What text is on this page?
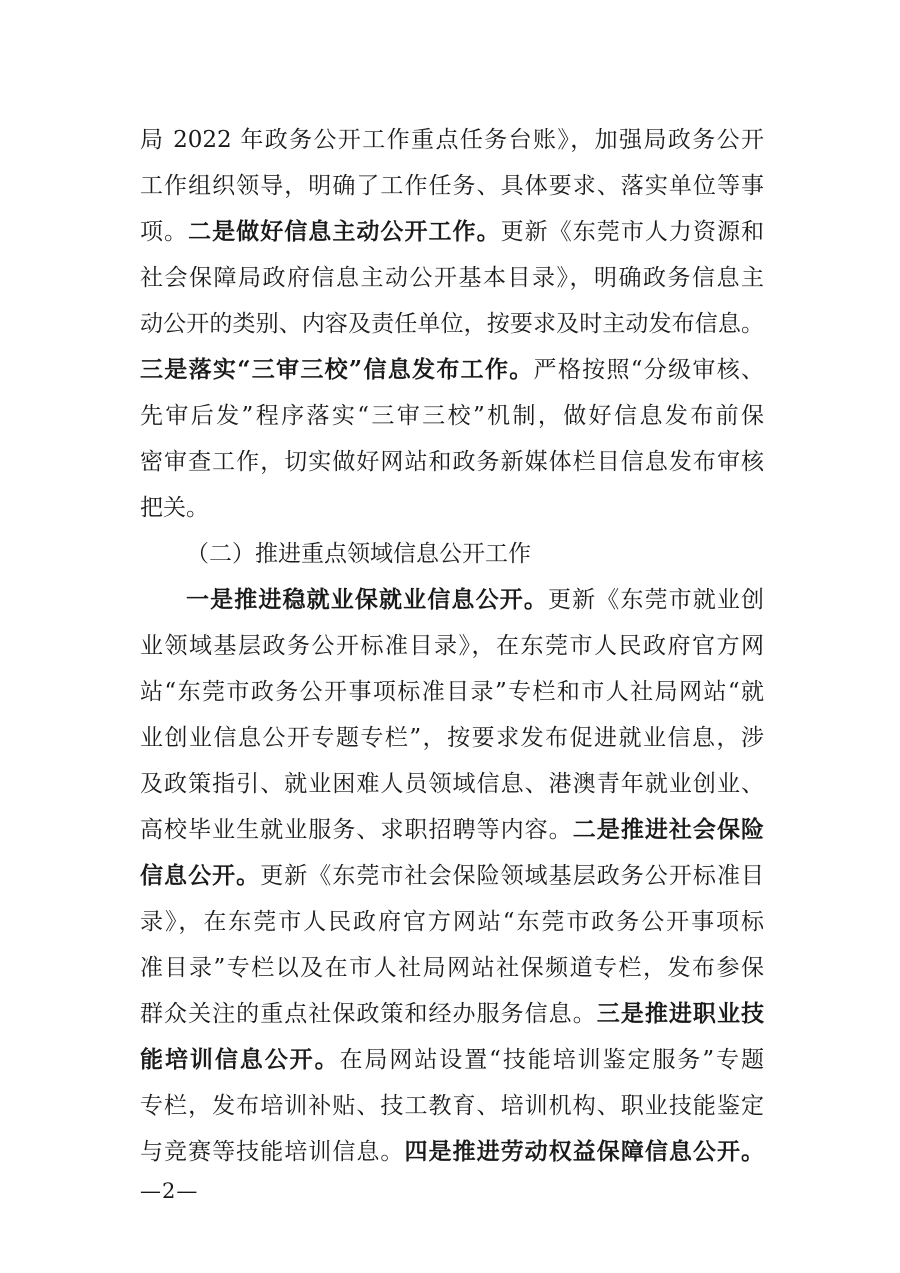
局 2022 年政务公开工作重点任务台账》，加强局政务公开
工作组织领导，明确了工作任务、具体要求、落实单位等事
项。二是做好信息主动公开工作。更新《东莞市人力资源和
社会保障局政府信息主动公开基本目录》，明确政务信息主
动公开的类别、内容及责任单位，按要求及时主动发布信息。
三是落实“三审三校”信息发布工作。严格按照“分级审核、
先审后发”程序落实“三审三校”机制，做好信息发布前保
密审查工作，切实做好网站和政务新媒体栏目信息发布审核
把关。
（二）推进重点领域信息公开工作
一是推进稳就业保就业信息公开。更新《东莞市就业创
业领域基层政务公开标准目录》，在东莞市人民政府官方网
站“东莞市政务公开事项标准目录”专栏和市人社局网站“就
业创业信息公开专题专栏”，按要求发布促进就业信息，涉
及政策指引、就业困难人员领域信息、港澳青年就业创业、
高校毕业生就业服务、求职招聘等内容。二是推进社会保险
信息公开。更新《东莞市社会保险领域基层政务公开标准目
录》，在东莞市人民政府官方网站“东莞市政务公开事项标
准目录”专栏以及在市人社局网站社保频道专栏，发布参保
群众关注的重点社保政策和经办服务信息。三是推进职业技
能培训信息公开。在局网站设置“技能培训鉴定服务”专题
专栏，发布培训补贴、技工教育、培训机构、职业技能鉴定
与竞赛等技能培训信息。四是推进劳动权益保障信息公开。
—2—
